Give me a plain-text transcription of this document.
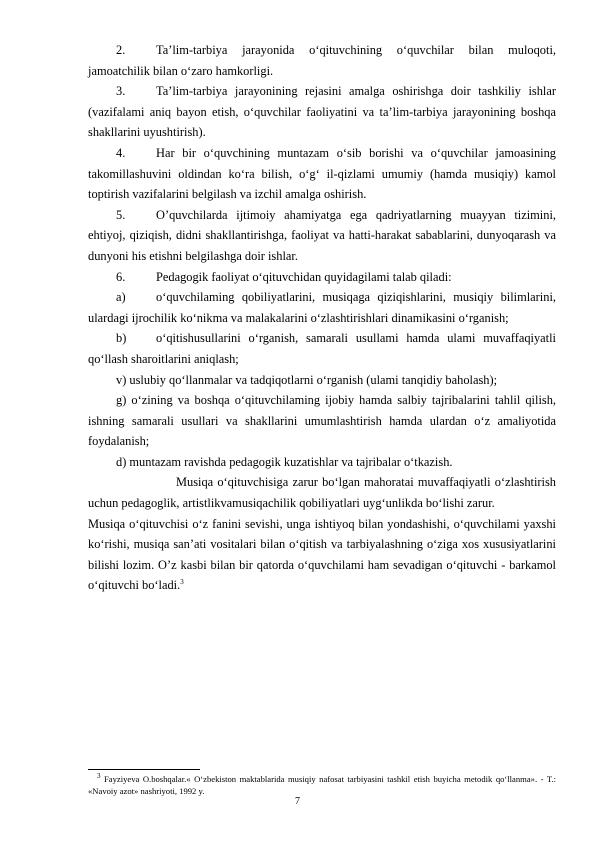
2. Ta’lim-tarbiya jarayonida o‘qituvchining o‘quvchilar bilan muloqoti, jamoatchilik bilan o‘zaro hamkorligi.
3. Ta’lim-tarbiya jarayonining rejasini amalga oshirishga doir tashkiliy ishlar (vazifalami aniq bayon etish, o‘quvchilar faoliyatini va ta’lim-tarbiya jarayonining boshqa shakllarini uyushtirish).
4. Har bir o‘quvchining muntazam o‘sib borishi va o‘quvchilar jamoasining takomillashuvini oldindan ko‘ra bilish, o‘g‘ il-qizlami umumiy (hamda musiqiy) kamol toptirish vazifalarini belgilash va izchil amalga oshirish.
5. O’quvchilarda ijtimoiy ahamiyatga ega qadriyatlarning muayyan tizimini, ehtiyoj, qiziqish, didni shakllantirishga, faoliyat va hatti-harakat sabablarini, dunyoqarash va dunyoni his etishni belgilashga doir ishlar.
6. Pedagogik faoliyat o‘qituvchidan quyidagilami talab qiladi:
a) o‘quvchilaming qobiliyatlarini, musiqaga qiziqishlarini, musiqiy bilimlarini, ulardagi ijrochilik ko‘nikma va malakalarini o‘zlashtirishlari dinamikasini o‘rganish;
b) o‘qitishusullarini o‘rganish, samarali usullami hamda ulami muvaffaqiyatli qo‘llash sharoitlarini aniqlash;
v) uslubiy qo‘llanmalar va tadqiqotlarni o‘rganish (ulami tanqidiy baholash);
g) o‘zining va boshqa o‘qituvchilaming ijobiy hamda salbiy tajribalarini tahlil qilish, ishning samarali usullari va shakllarini umumlashtirish hamda ulardan o‘z amaliyotida foydalanish;
d) muntazam ravishda pedagogik kuzatishlar va tajribalar o‘tkazish.
Musiqa o‘qituvchisiga zarur bo‘lgan mahoratai muvaffaqiyatli o‘zlashtirish uchun pedagoglik, artistlikvamusiqachilik qobiliyatlari uyg‘unlikda bo‘lishi zarur.
Musiqa o‘qituvchisi o‘z fanini sevishi, unga ishtiyoq bilan yondashishi, o‘quvchilami yaxshi ko‘rishi, musiqa san’ati vositalari bilan o‘qitish va tarbiyalashning o‘ziga xos xususiyatlarini bilishi lozim. O’z kasbi bilan bir qatorda o‘quvchilami ham sevadigan o‘qituvchi - barkamol o‘qituvchi bo‘ladi.$^3$
$^3$ Fayziyeva O.boshqalar.« O‘zbekiston maktablarida musiqiy nafosat tarbiyasini tashkil etish buyicha metodik qo‘llanma». - T.: «Navoiy azot» nashriyoti, 1992 y.
7
